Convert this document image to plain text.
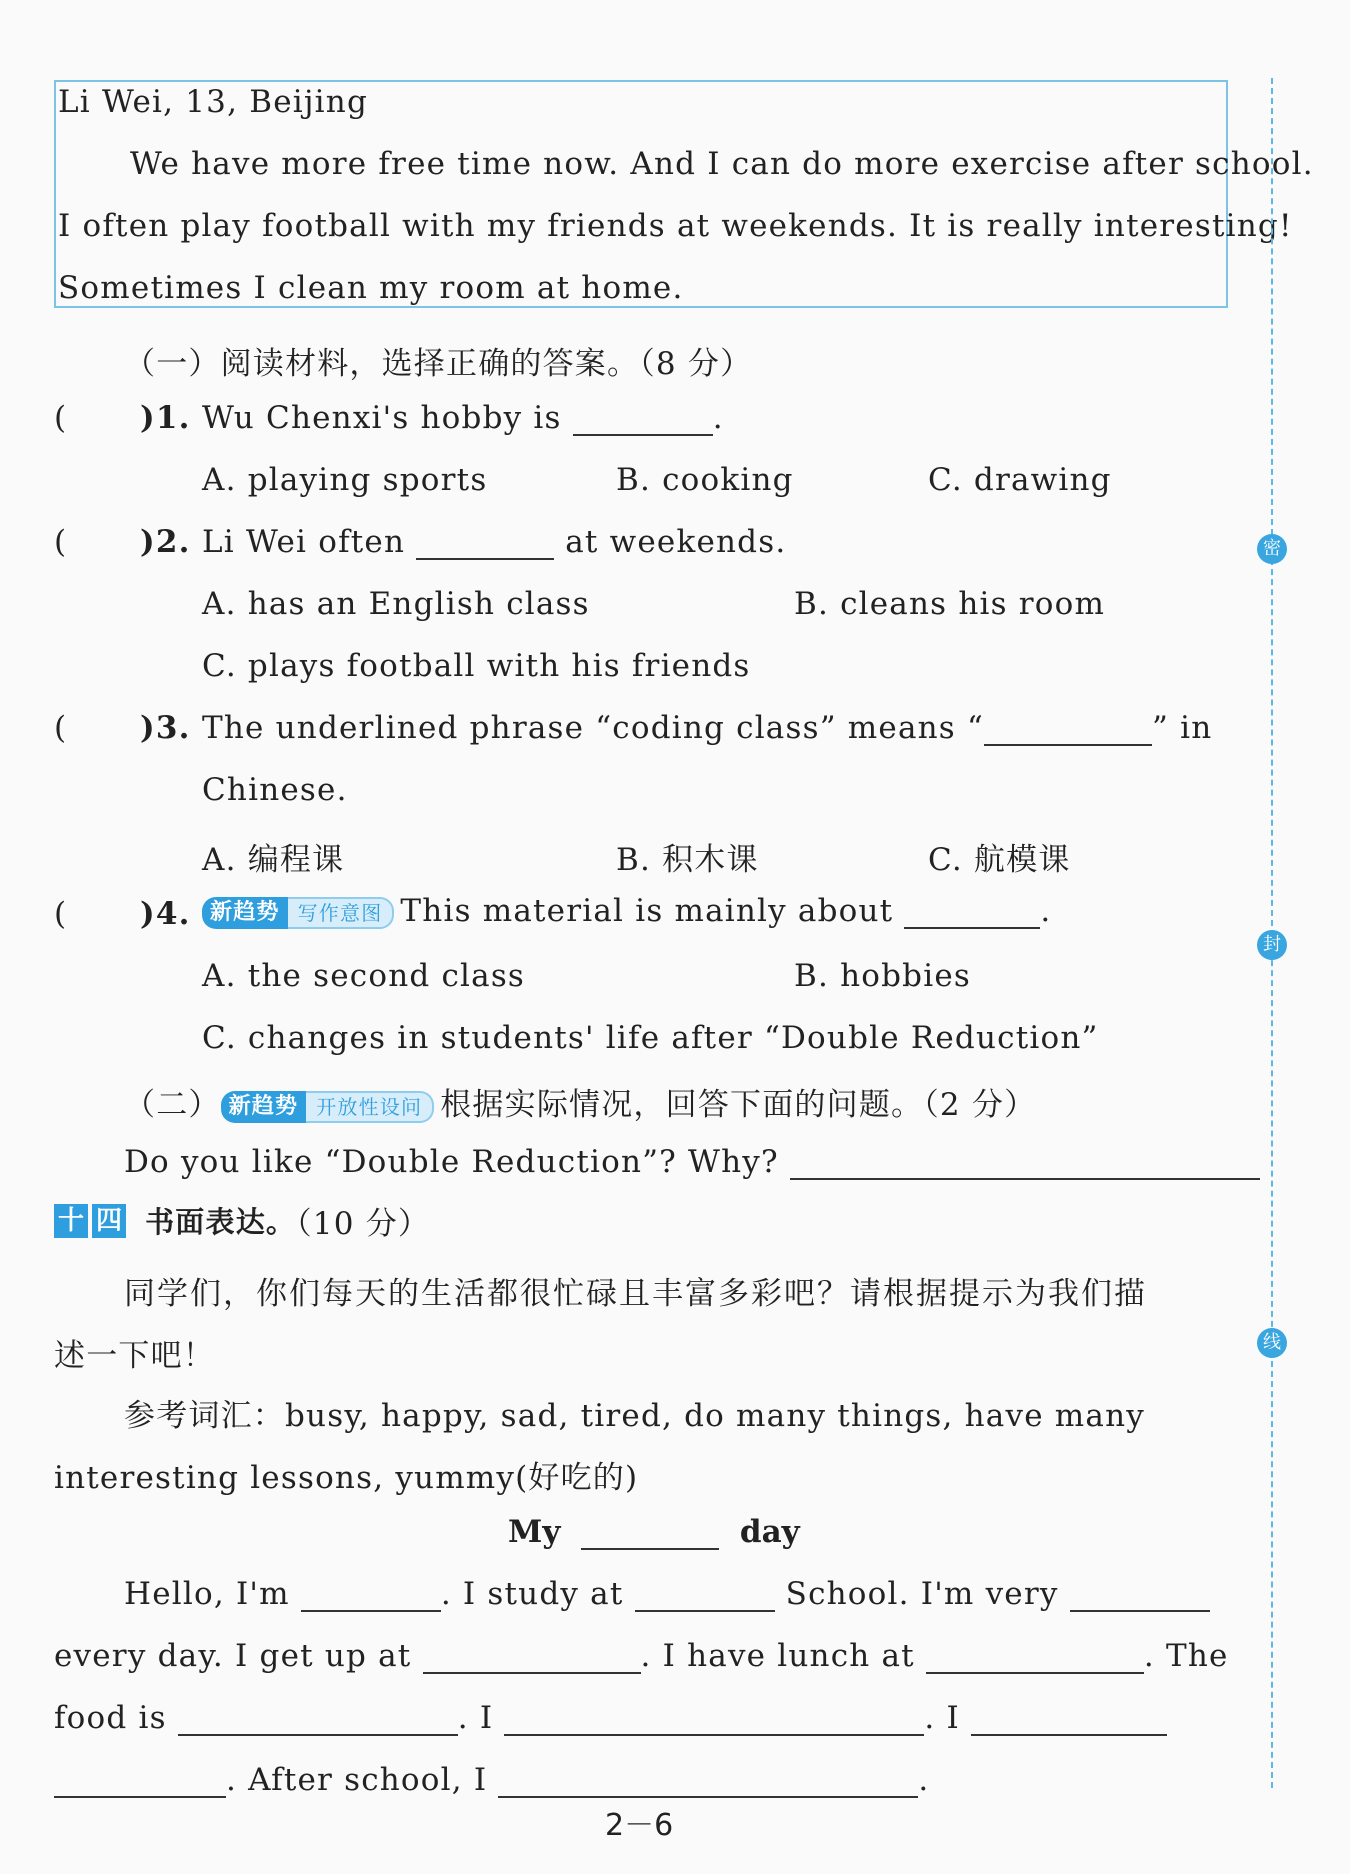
Li Wei, 13, Beijing
We have more free time now. And I can do more exercise after school.
I often play football with my friends at weekends. It is really interesting!
Sometimes I clean my room at home.
（一）阅读材料，选择正确的答案。（8 分）
( )1. Wu Chenxi's hobby is	.
A. playing sports	B. cooking	C. drawing
( )2. Li Wei often	at weekends.
A. has an English class	B. cleans his room
C. plays football with his friends
( )3. The underlined phrase “coding class” means “	” in
Chinese.
A. 编程课	B. 积木课	C. 航模课
( )4. 新趋势 写作意图 This material is mainly about	.
A. the second class	B. hobbies
C. changes in students' life after “Double Reduction”
（二） 新趋势 开放性设问 根据实际情况，回答下面的问题。（2 分）
Do you like “Double Reduction”? Why?
十 四 书面表达。（10 分）
同学们，你们每天的生活都很忙碌且丰富多彩吧？请根据提示为我们描
述一下吧！
参考词汇：busy, happy, sad, tired, do many things, have many
interesting lessons, yummy(好吃的)
My	day
Hello, I'm	. I study at	School. I'm very
every day. I get up at	. I have lunch at	. The
food is	. I	. I
. After school, I	.
2－6
密
封
线
